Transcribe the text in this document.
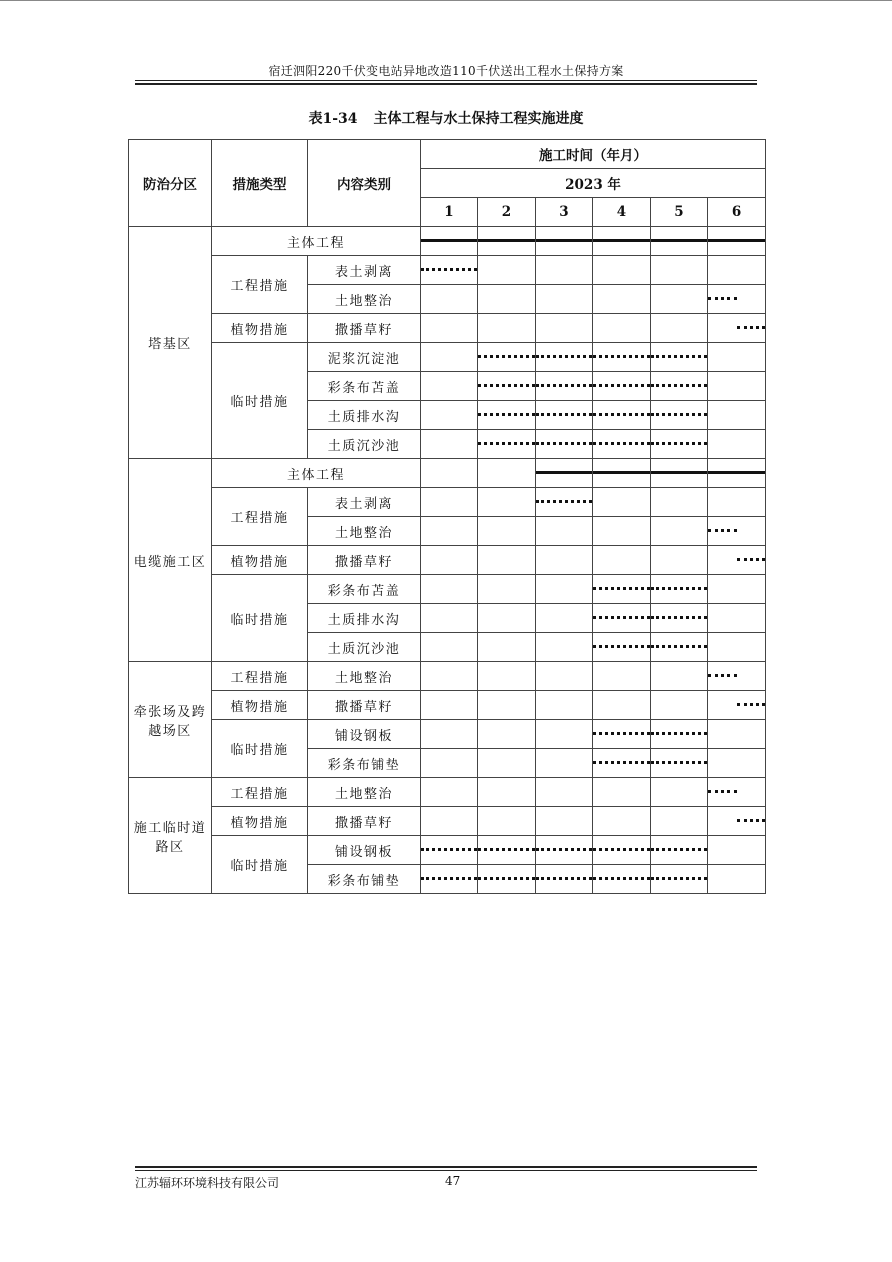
宿迁泗阳220千伏变电站异地改造110千伏送出工程水土保持方案
表1-34 主体工程与水土保持工程实施进度
防治分区	措施类型	内容类别	施工时间（年月）					
			2023 年					
			1	2	3	4	5	6
塔基区	主体工程		

	工程措施	表土剥离	

		土地整治						

	植物措施	撒播草籽						

	临时措施	泥浆沉淀池		

		彩条布苫盖		

		土质排水沟		

		土质沉沙池		

电缆施工区	主体工程				

	工程措施	表土剥离			

		土地整治						

	植物措施	撒播草籽						

	临时措施	彩条布苫盖				

		土质排水沟				

		土质沉沙池				

牵张场及跨越场区	工程措施	土地整治						

	植物措施	撒播草籽						

	临时措施	铺设钢板				

		彩条布铺垫				

施工临时道路区	工程措施	土地整治						

	植物措施	撒播草籽						

	临时措施	铺设钢板	

		彩条布铺垫	

江苏辐环环境科技有限公司	47
